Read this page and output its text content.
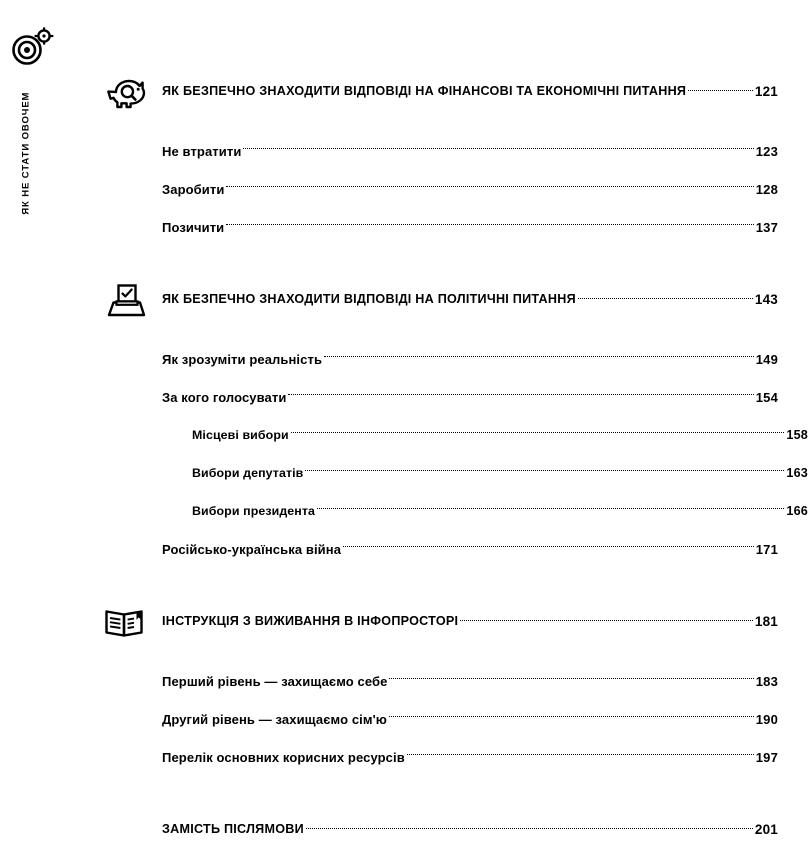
ЯК НЕ СТАТИ ОВОЧЕМ
ЯК БЕЗПЕЧНО ЗНАХОДИТИ ВІДПОВІДІ НА ФІНАНСОВІ ТА ЕКОНОМІЧНІ ПИТАННЯ	121
Не втратити	123
Заробити	128
Позичити	137
ЯК БЕЗПЕЧНО ЗНАХОДИТИ ВІДПОВІДІ НА ПОЛІТИЧНІ ПИТАННЯ	143
Як зрозуміти реальність	149
За кого голосувати	154
Місцеві вибори	158
Вибори депутатів	163
Вибори президента	166
Російсько-українська війна	171
ІНСТРУКЦІЯ З ВИЖИВАННЯ В ІНФОПРОСТОРІ	181
Перший рівень — захищаємо себе	183
Другий рівень — захищаємо сім'ю	190
Перелік основних корисних ресурсів	197
ЗАМІСТЬ ПІСЛЯМОВИ	201
